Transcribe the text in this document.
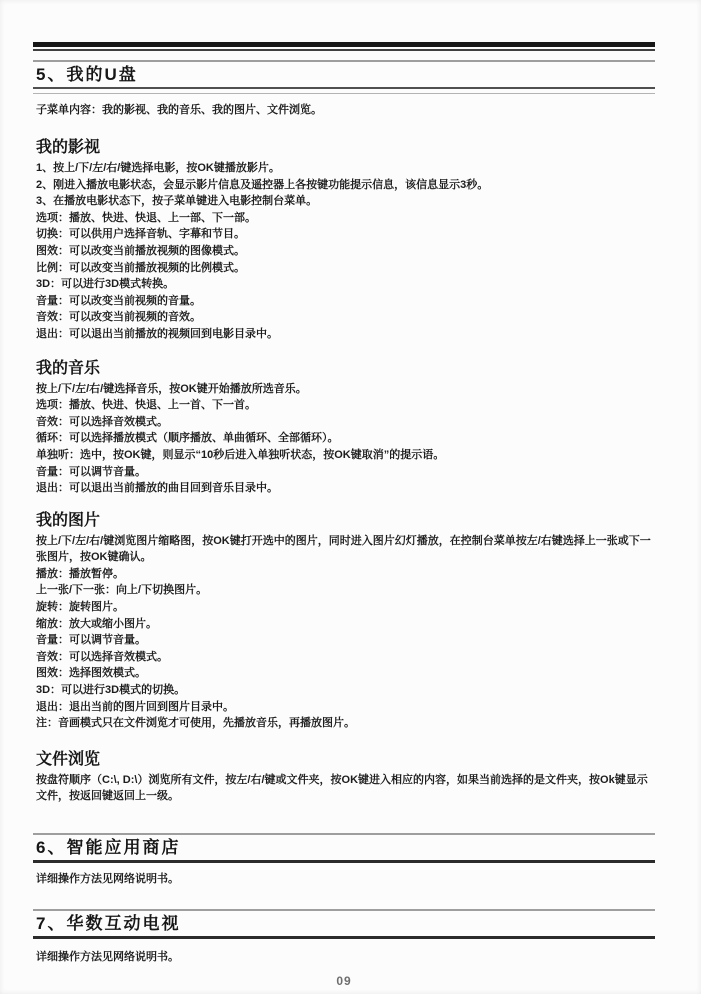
5、我的U盘

子菜单内容：我的影视、我的音乐、我的图片、文件浏览。

我的影视

1、按上/下/左/右/键选择电影，按OK键播放影片。

2、刚进入播放电影状态，会显示影片信息及遥控器上各按键功能提示信息，该信息显示3秒。

3、在播放电影状态下，按子菜单键进入电影控制台菜单。

选项：播放、快进、快退、上一部、下一部。

切换：可以供用户选择音轨、字幕和节目。

图效：可以改变当前播放视频的图像模式。

比例：可以改变当前播放视频的比例模式。

3D：可以进行3D模式转换。

音量：可以改变当前视频的音量。

音效：可以改变当前视频的音效。

退出：可以退出当前播放的视频回到电影目录中。

我的音乐

按上/下/左/右/键选择音乐，按OK键开始播放所选音乐。

选项：播放、快进、快退、上一首、下一首。

音效：可以选择音效模式。

循环：可以选择播放模式（顺序播放、单曲循环、全部循环）。

单独听：选中，按OK键，则显示“10秒后进入单独听状态，按OK键取消”的提示语。

音量：可以调节音量。

退出：可以退出当前播放的曲目回到音乐目录中。

我的图片

按上/下/左/右/键浏览图片缩略图，按OK键打开选中的图片，同时进入图片幻灯播放，在控制台菜单按左/右键选择上一张或下一张图片，按OK键确认。

播放：播放暂停。

上一张/下一张：向上/下切换图片。

旋转：旋转图片。

缩放：放大或缩小图片。

音量：可以调节音量。

音效：可以选择音效模式。

图效：选择图效模式。

3D：可以进行3D模式的切换。

退出：退出当前的图片回到图片目录中。

注：音画模式只在文件浏览才可使用，先播放音乐，再播放图片。

文件浏览

按盘符顺序（C:\, D:\）浏览所有文件，按左/右/键或文件夹，按OK键进入相应的内容，如果当前选择的是文件夹，按Ok键显示文件，按返回键返回上一级。

6、智能应用商店

详细操作方法见网络说明书。

7、华数互动电视

详细操作方法见网络说明书。

09
